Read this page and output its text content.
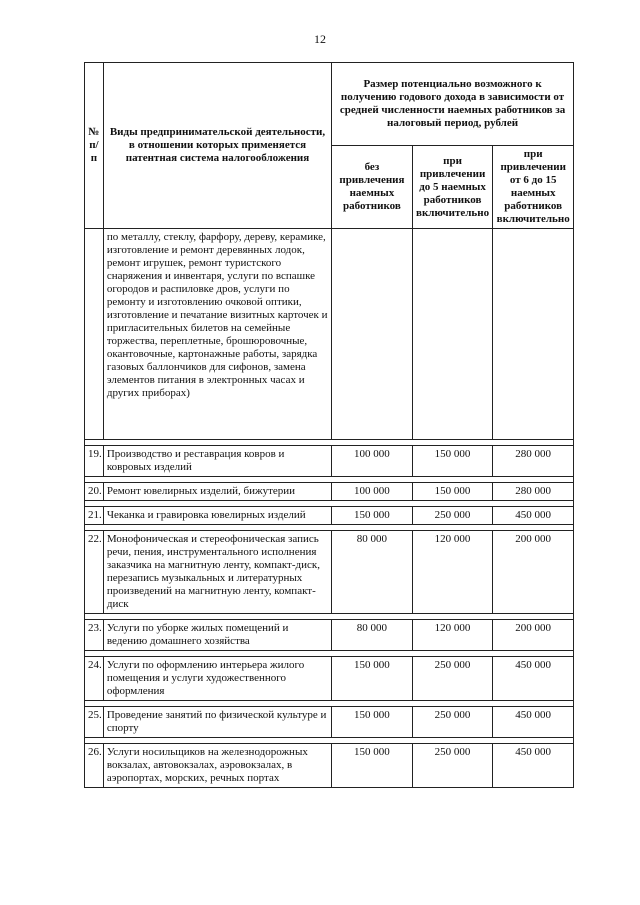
12
№ п/п	Виды предпринимательской деятельности, в отношении которых применяется патентная система налогообложения	Размер потенциально возможного к получению годового дохода в зависимости от средней численности наемных работников за налоговый период, рублей		
		без привлечения наемных работников	при привлечении до 5 наемных работников включительно	при привлечении от 6 до 15 наемных работников включительно
	по металлу, стеклу, фарфору, дереву, керамике, изготовление и ремонт деревянных лодок, ремонт игрушек, ремонт туристского снаряжения и инвентаря, услуги по вспашке огородов и распиловке дров, услуги по ремонту и изготовлению очковой оптики, изготовление и печатание визитных карточек и пригласительных билетов на семейные торжества, переплетные, брошюровочные, окантовочные, картонажные работы, зарядка газовых баллончиков для сифонов, замена элементов питания в электронных часах и других приборах)			

19.	Производство и реставрация ковров и ковровых изделий	100 000	150 000	280 000

20.	Ремонт ювелирных изделий, бижутерии	100 000	150 000	280 000

21.	Чеканка и гравировка ювелирных изделий	150 000	250 000	450 000

22.	Монофоническая и стереофоническая запись речи, пения, инструментального исполнения заказчика на магнитную ленту, компакт-диск, перезапись музыкальных и литературных произведений на магнитную ленту, компакт-диск	80 000	120 000	200 000

23.	Услуги по уборке жилых помещений и ведению домашнего хозяйства	80 000	120 000	200 000

24.	Услуги по оформлению интерьера жилого помещения и услуги художественного оформления	150 000	250 000	450 000

25.	Проведение занятий по физической культуре и спорту	150 000	250 000	450 000

26.	Услуги носильщиков на железнодорожных вокзалах, автовокзалах, аэровокзалах, в аэропортах, морских, речных портах	150 000	250 000	450 000
